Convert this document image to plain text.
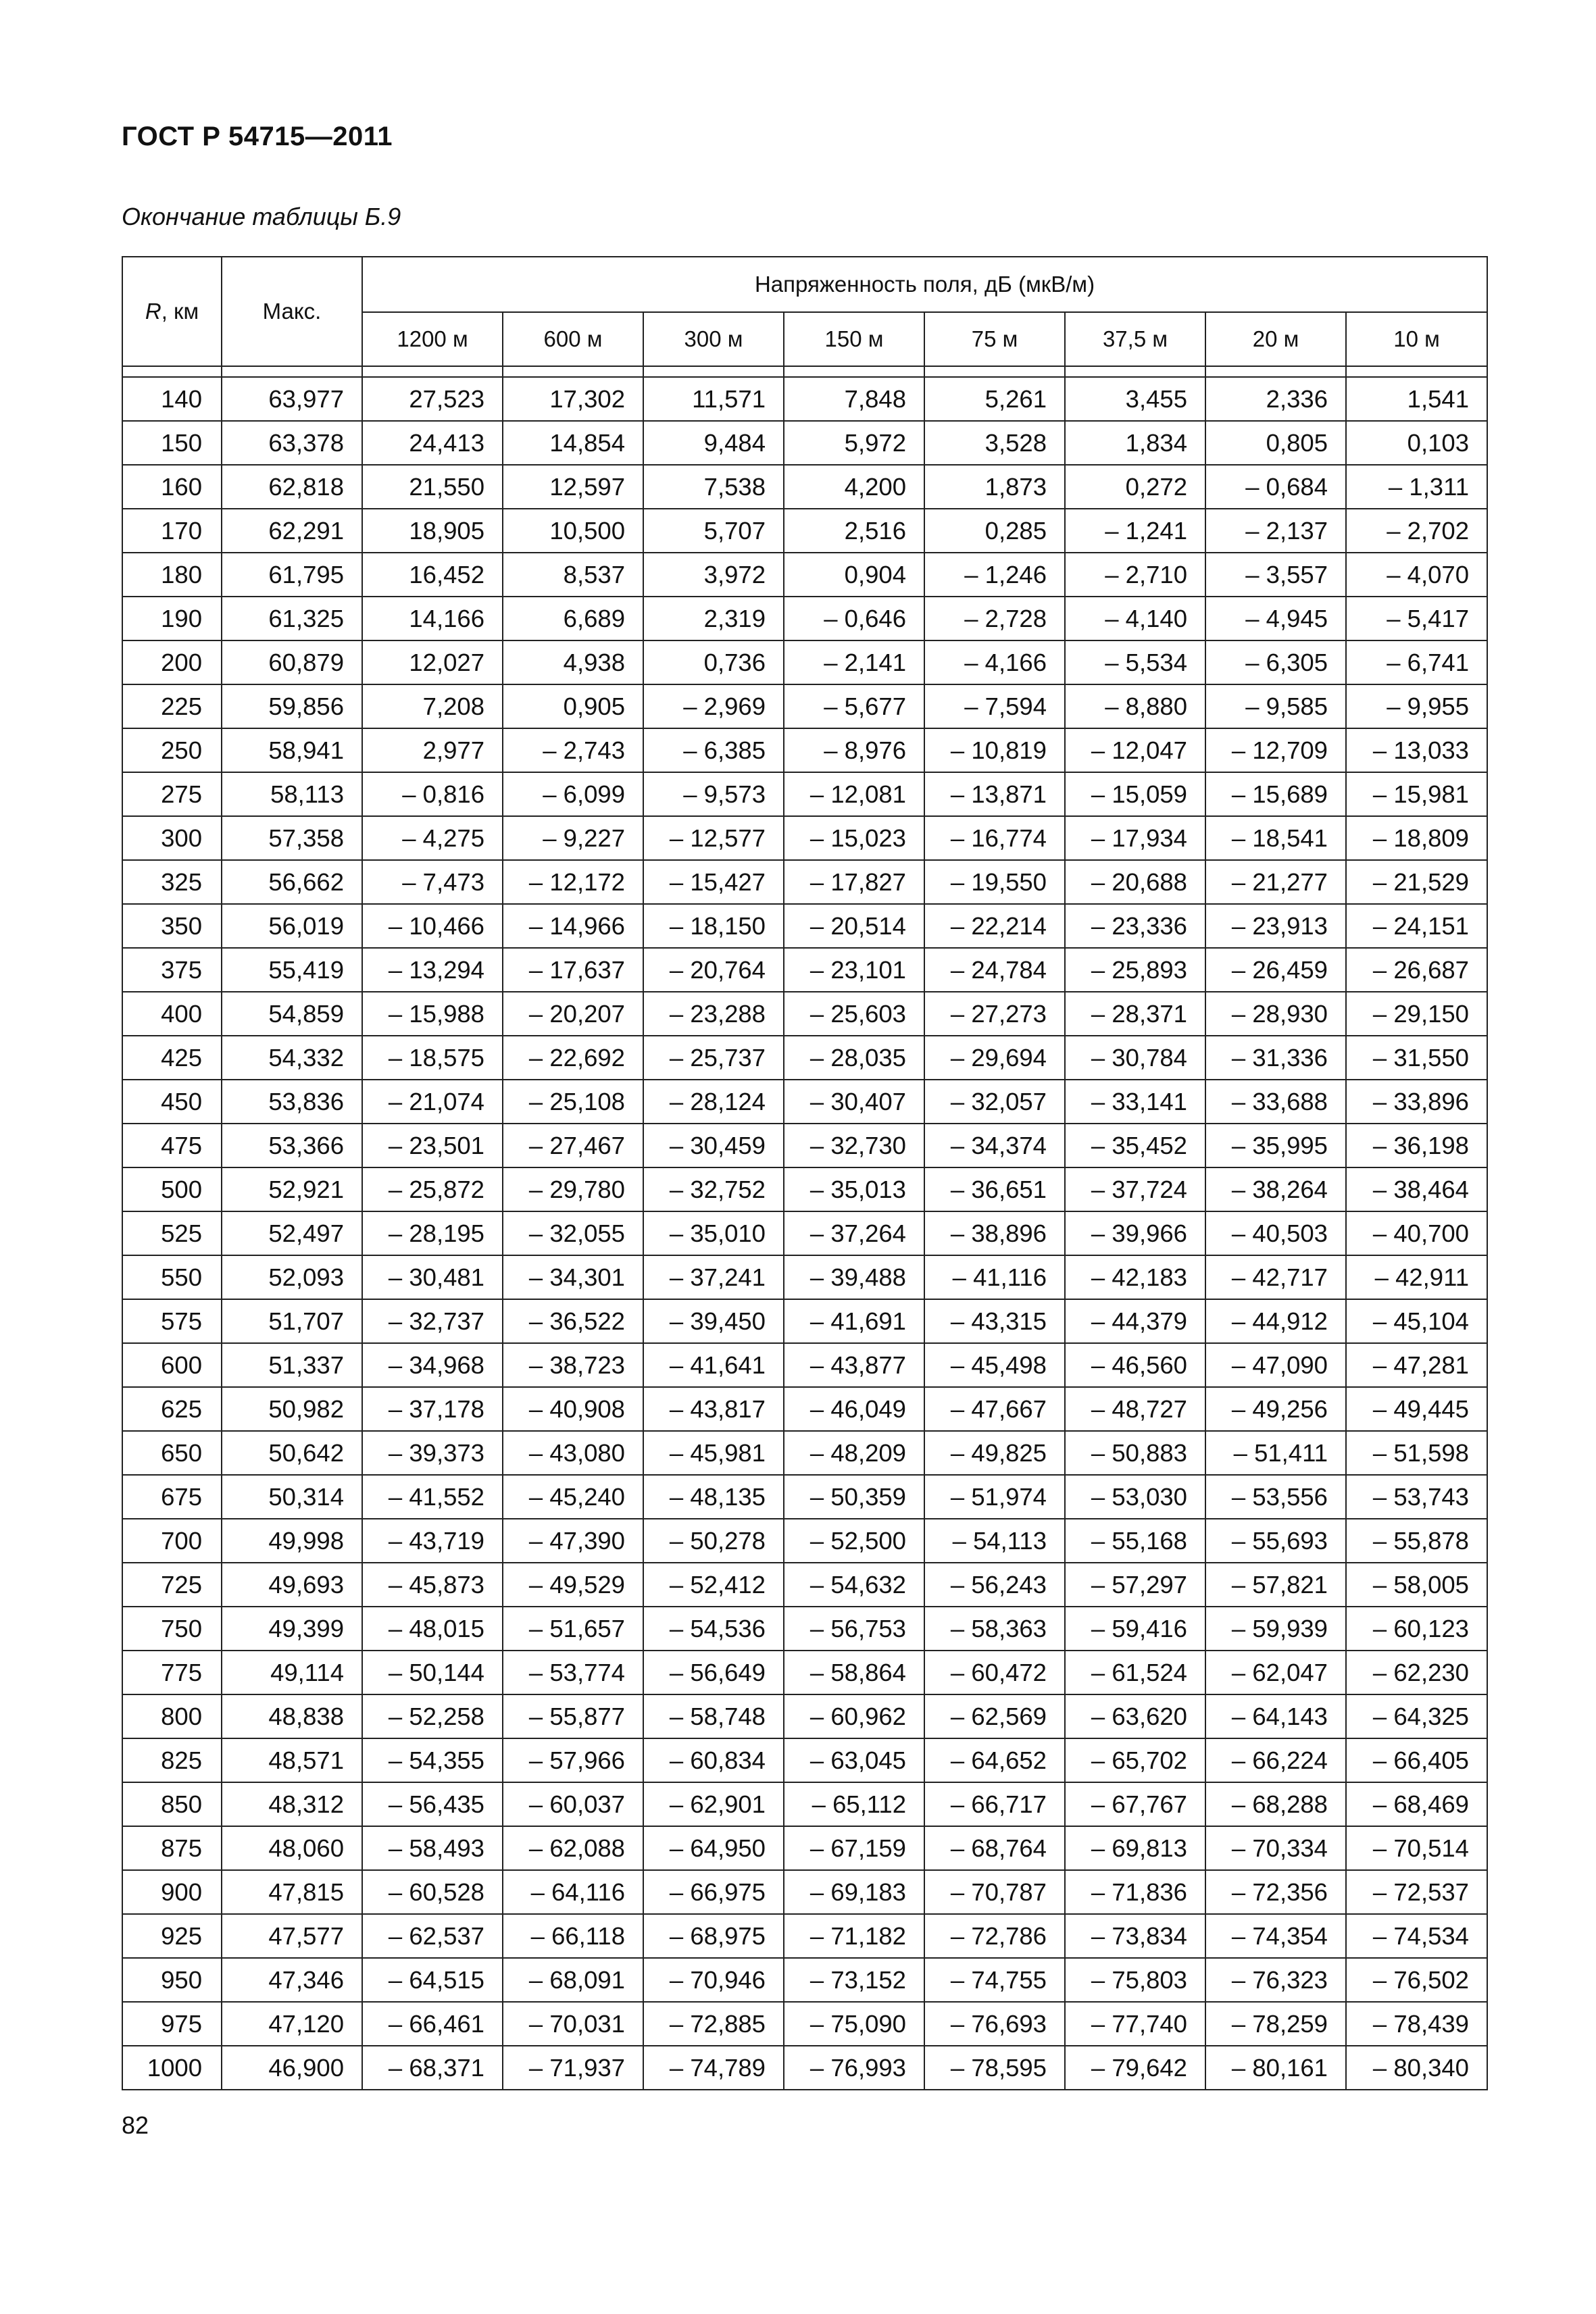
ГОСТ Р 54715—2011
Окончание таблицы Б.9
R, км	Макс.	Напряженность поля, дБ (мкВ/м)							
		1200 м	600 м	300 м	150 м	75 м	37,5 м	20 м	10 м

140	63,977	27,523	17,302	11,571	7,848	5,261	3,455	2,336	1,541
150	63,378	24,413	14,854	9,484	5,972	3,528	1,834	0,805	0,103
160	62,818	21,550	12,597	7,538	4,200	1,873	0,272	– 0,684	– 1,311
170	62,291	18,905	10,500	5,707	2,516	0,285	– 1,241	– 2,137	– 2,702
180	61,795	16,452	8,537	3,972	0,904	– 1,246	– 2,710	– 3,557	– 4,070
190	61,325	14,166	6,689	2,319	– 0,646	– 2,728	– 4,140	– 4,945	– 5,417
200	60,879	12,027	4,938	0,736	– 2,141	– 4,166	– 5,534	– 6,305	– 6,741
225	59,856	7,208	0,905	– 2,969	– 5,677	– 7,594	– 8,880	– 9,585	– 9,955
250	58,941	2,977	– 2,743	– 6,385	– 8,976	– 10,819	– 12,047	– 12,709	– 13,033
275	58,113	– 0,816	– 6,099	– 9,573	– 12,081	– 13,871	– 15,059	– 15,689	– 15,981
300	57,358	– 4,275	– 9,227	– 12,577	– 15,023	– 16,774	– 17,934	– 18,541	– 18,809
325	56,662	– 7,473	– 12,172	– 15,427	– 17,827	– 19,550	– 20,688	– 21,277	– 21,529
350	56,019	– 10,466	– 14,966	– 18,150	– 20,514	– 22,214	– 23,336	– 23,913	– 24,151
375	55,419	– 13,294	– 17,637	– 20,764	– 23,101	– 24,784	– 25,893	– 26,459	– 26,687
400	54,859	– 15,988	– 20,207	– 23,288	– 25,603	– 27,273	– 28,371	– 28,930	– 29,150
425	54,332	– 18,575	– 22,692	– 25,737	– 28,035	– 29,694	– 30,784	– 31,336	– 31,550
450	53,836	– 21,074	– 25,108	– 28,124	– 30,407	– 32,057	– 33,141	– 33,688	– 33,896
475	53,366	– 23,501	– 27,467	– 30,459	– 32,730	– 34,374	– 35,452	– 35,995	– 36,198
500	52,921	– 25,872	– 29,780	– 32,752	– 35,013	– 36,651	– 37,724	– 38,264	– 38,464
525	52,497	– 28,195	– 32,055	– 35,010	– 37,264	– 38,896	– 39,966	– 40,503	– 40,700
550	52,093	– 30,481	– 34,301	– 37,241	– 39,488	– 41,116	– 42,183	– 42,717	– 42,911
575	51,707	– 32,737	– 36,522	– 39,450	– 41,691	– 43,315	– 44,379	– 44,912	– 45,104
600	51,337	– 34,968	– 38,723	– 41,641	– 43,877	– 45,498	– 46,560	– 47,090	– 47,281
625	50,982	– 37,178	– 40,908	– 43,817	– 46,049	– 47,667	– 48,727	– 49,256	– 49,445
650	50,642	– 39,373	– 43,080	– 45,981	– 48,209	– 49,825	– 50,883	– 51,411	– 51,598
675	50,314	– 41,552	– 45,240	– 48,135	– 50,359	– 51,974	– 53,030	– 53,556	– 53,743
700	49,998	– 43,719	– 47,390	– 50,278	– 52,500	– 54,113	– 55,168	– 55,693	– 55,878
725	49,693	– 45,873	– 49,529	– 52,412	– 54,632	– 56,243	– 57,297	– 57,821	– 58,005
750	49,399	– 48,015	– 51,657	– 54,536	– 56,753	– 58,363	– 59,416	– 59,939	– 60,123
775	49,114	– 50,144	– 53,774	– 56,649	– 58,864	– 60,472	– 61,524	– 62,047	– 62,230
800	48,838	– 52,258	– 55,877	– 58,748	– 60,962	– 62,569	– 63,620	– 64,143	– 64,325
825	48,571	– 54,355	– 57,966	– 60,834	– 63,045	– 64,652	– 65,702	– 66,224	– 66,405
850	48,312	– 56,435	– 60,037	– 62,901	– 65,112	– 66,717	– 67,767	– 68,288	– 68,469
875	48,060	– 58,493	– 62,088	– 64,950	– 67,159	– 68,764	– 69,813	– 70,334	– 70,514
900	47,815	– 60,528	– 64,116	– 66,975	– 69,183	– 70,787	– 71,836	– 72,356	– 72,537
925	47,577	– 62,537	– 66,118	– 68,975	– 71,182	– 72,786	– 73,834	– 74,354	– 74,534
950	47,346	– 64,515	– 68,091	– 70,946	– 73,152	– 74,755	– 75,803	– 76,323	– 76,502
975	47,120	– 66,461	– 70,031	– 72,885	– 75,090	– 76,693	– 77,740	– 78,259	– 78,439
1000	46,900	– 68,371	– 71,937	– 74,789	– 76,993	– 78,595	– 79,642	– 80,161	– 80,340
82
